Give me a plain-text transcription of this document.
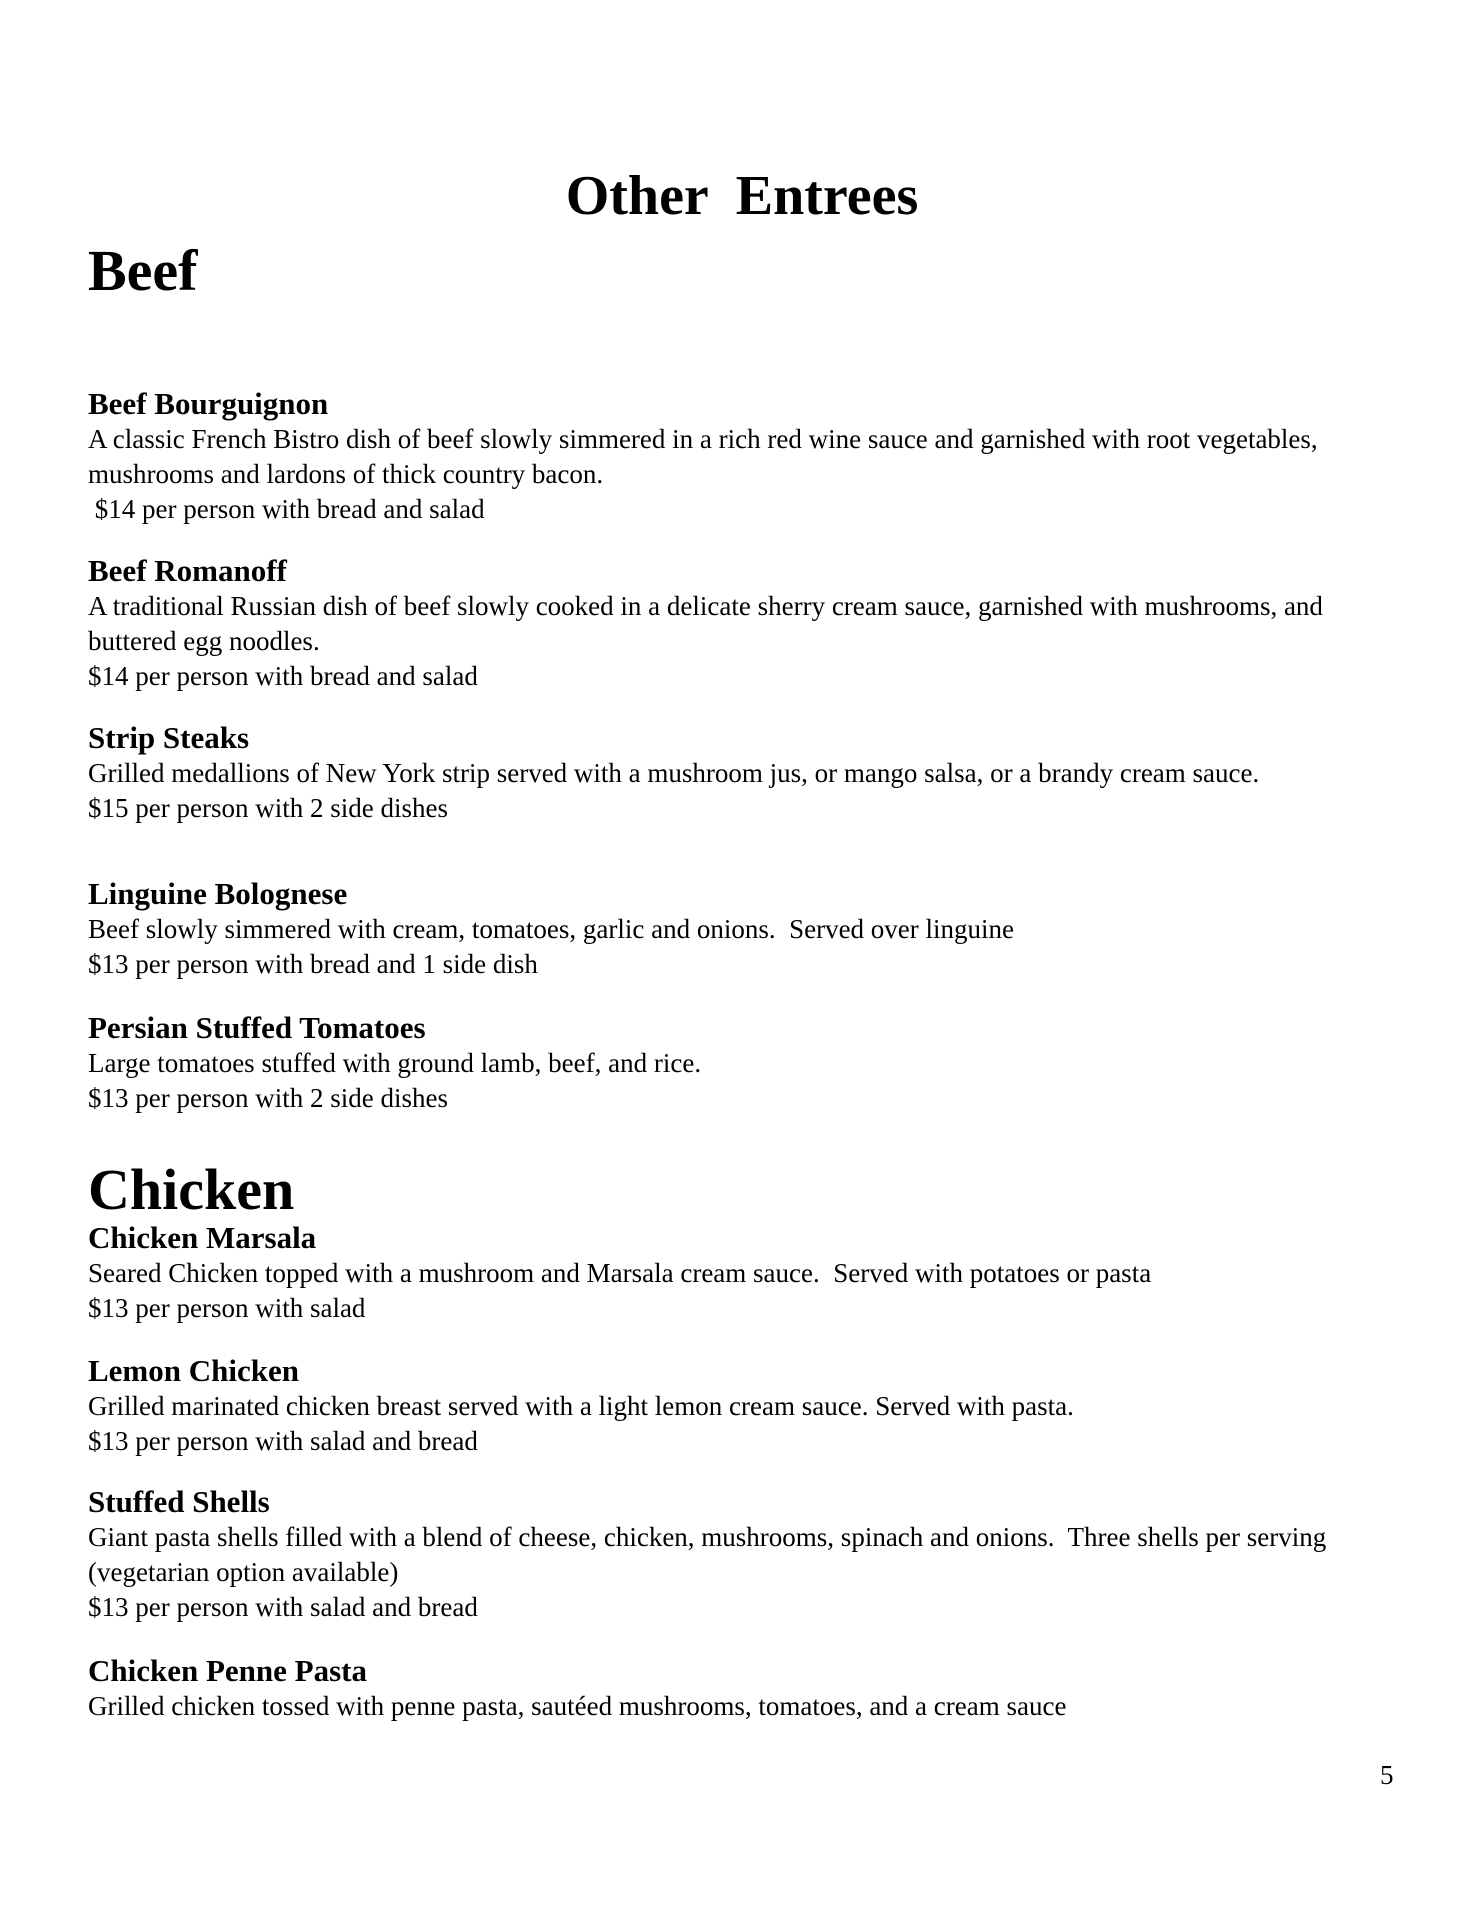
Other  Entrees
Beef
Beef Bourguignon
A classic French Bistro dish of beef slowly simmered in a rich red wine sauce and garnished with root vegetables, mushrooms and lardons of thick country bacon.
$14 per person with bread and salad
Beef Romanoff
A traditional Russian dish of beef slowly cooked in a delicate sherry cream sauce, garnished with mushrooms, and buttered egg noodles.
$14 per person with bread and salad
Strip Steaks
Grilled medallions of New York strip served with a mushroom jus, or mango salsa, or a brandy cream sauce.
$15 per person with 2 side dishes
Linguine Bolognese
Beef slowly simmered with cream, tomatoes, garlic and onions.  Served over linguine
$13 per person with bread and 1 side dish
Persian Stuffed Tomatoes
Large tomatoes stuffed with ground lamb, beef, and rice.
$13 per person with 2 side dishes
Chicken
Chicken Marsala
Seared Chicken topped with a mushroom and Marsala cream sauce.  Served with potatoes or pasta
$13 per person with salad
Lemon Chicken
Grilled marinated chicken breast served with a light lemon cream sauce. Served with pasta.
$13 per person with salad and bread
Stuffed Shells
Giant pasta shells filled with a blend of cheese, chicken, mushrooms, spinach and onions.  Three shells per serving (vegetarian option available)
$13 per person with salad and bread
Chicken Penne Pasta
Grilled chicken tossed with penne pasta, sautéed mushrooms, tomatoes, and a cream sauce
5
